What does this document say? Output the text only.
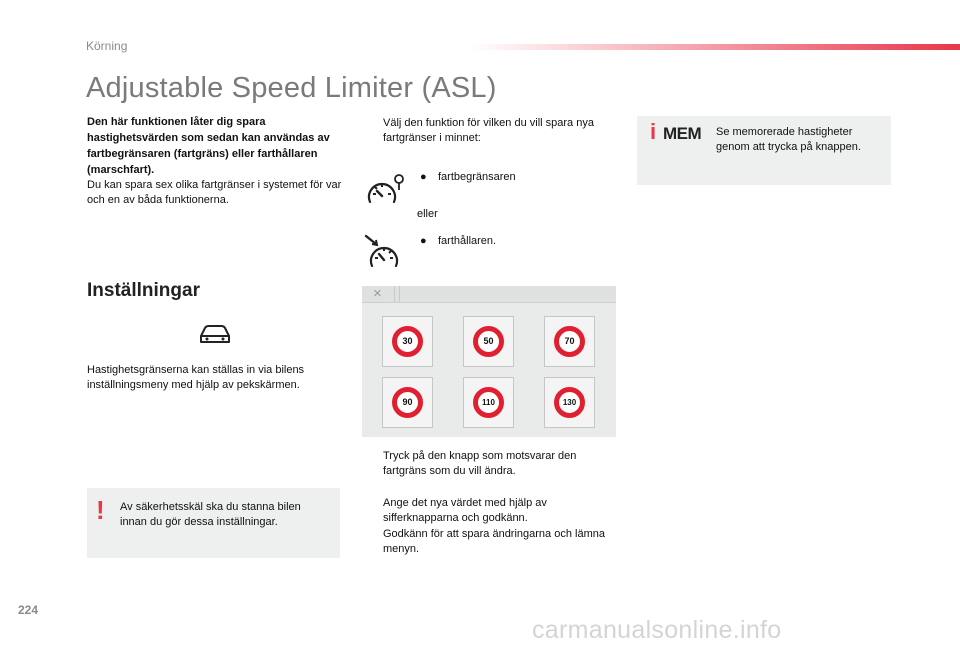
Körning
Adjustable Speed Limiter (ASL)
Den här funktionen låter dig spara hastighetsvärden som sedan kan användas av fartbegränsaren (fartgräns) eller farthållaren (marschfart).
Du kan spara sex olika fartgränser i systemet för var och en av båda funktionerna.
Inställningar
Hastighetsgränserna kan ställas in via bilens inställningsmeny med hjälp av pekskärmen.
! Av säkerhetsskäl ska du stanna bilen innan du gör dessa inställningar.
Välj den funktion för vilken du vill spara nya fartgränser i minnet:
● fartbegränsaren
eller
● farthållaren.
×
30	50	70
90	110	130
Tryck på den knapp som motsvarar den fartgräns som du vill ändra.
Ange det nya värdet med hjälp av sifferknapparna och godkänn.
Godkänn för att spara ändringarna och lämna menyn.
i MEM Se memorerade hastigheter genom att trycka på knappen.
224
carmanualsonline.info
